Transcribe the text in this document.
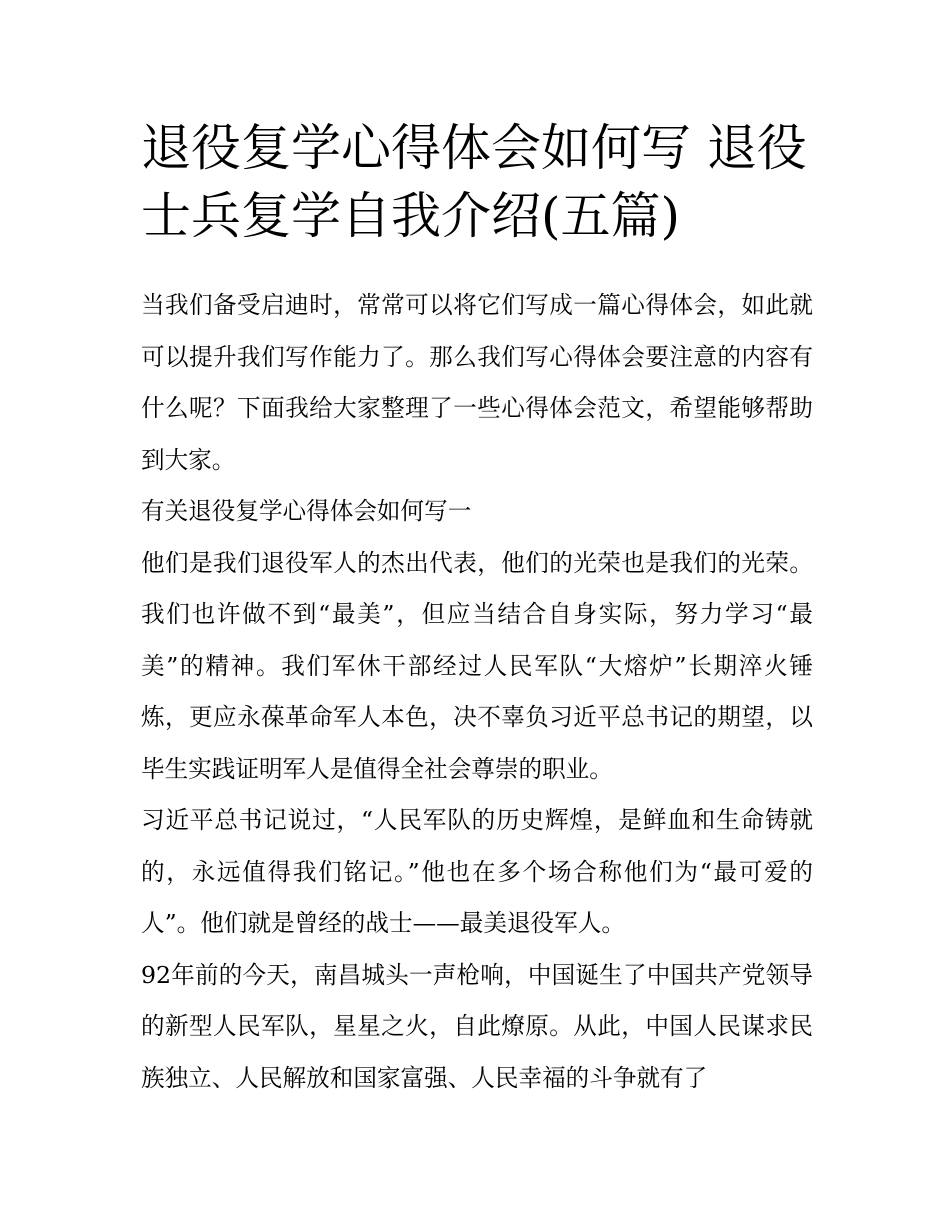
退役复学心得体会如何写 退役士兵复学自我介绍(五篇)

当我们备受启迪时，常常可以将它们写成一篇心得体会，如此就可以提升我们写作能力了。那么我们写心得体会要注意的内容有什么呢？下面我给大家整理了一些心得体会范文，希望能够帮助到大家。

有关退役复学心得体会如何写一

他们是我们退役军人的杰出代表，他们的光荣也是我们的光荣。我们也许做不到“最美”，但应当结合自身实际，努力学习“最美”的精神。我们军休干部经过人民军队“大熔炉”长期淬火锤炼，更应永葆革命军人本色，决不辜负习近平总书记的期望，以毕生实践证明军人是值得全社会尊崇的职业。

习近平总书记说过，“人民军队的历史辉煌，是鲜血和生命铸就的，永远值得我们铭记。”他也在多个场合称他们为“最可爱的人”。他们就是曾经的战士——最美退役军人。

92年前的今天，南昌城头一声枪响，中国诞生了中国共产党领导的新型人民军队，星星之火，自此燎原。从此，中国人民谋求民族独立、人民解放和国家富强、人民幸福的斗争就有了
